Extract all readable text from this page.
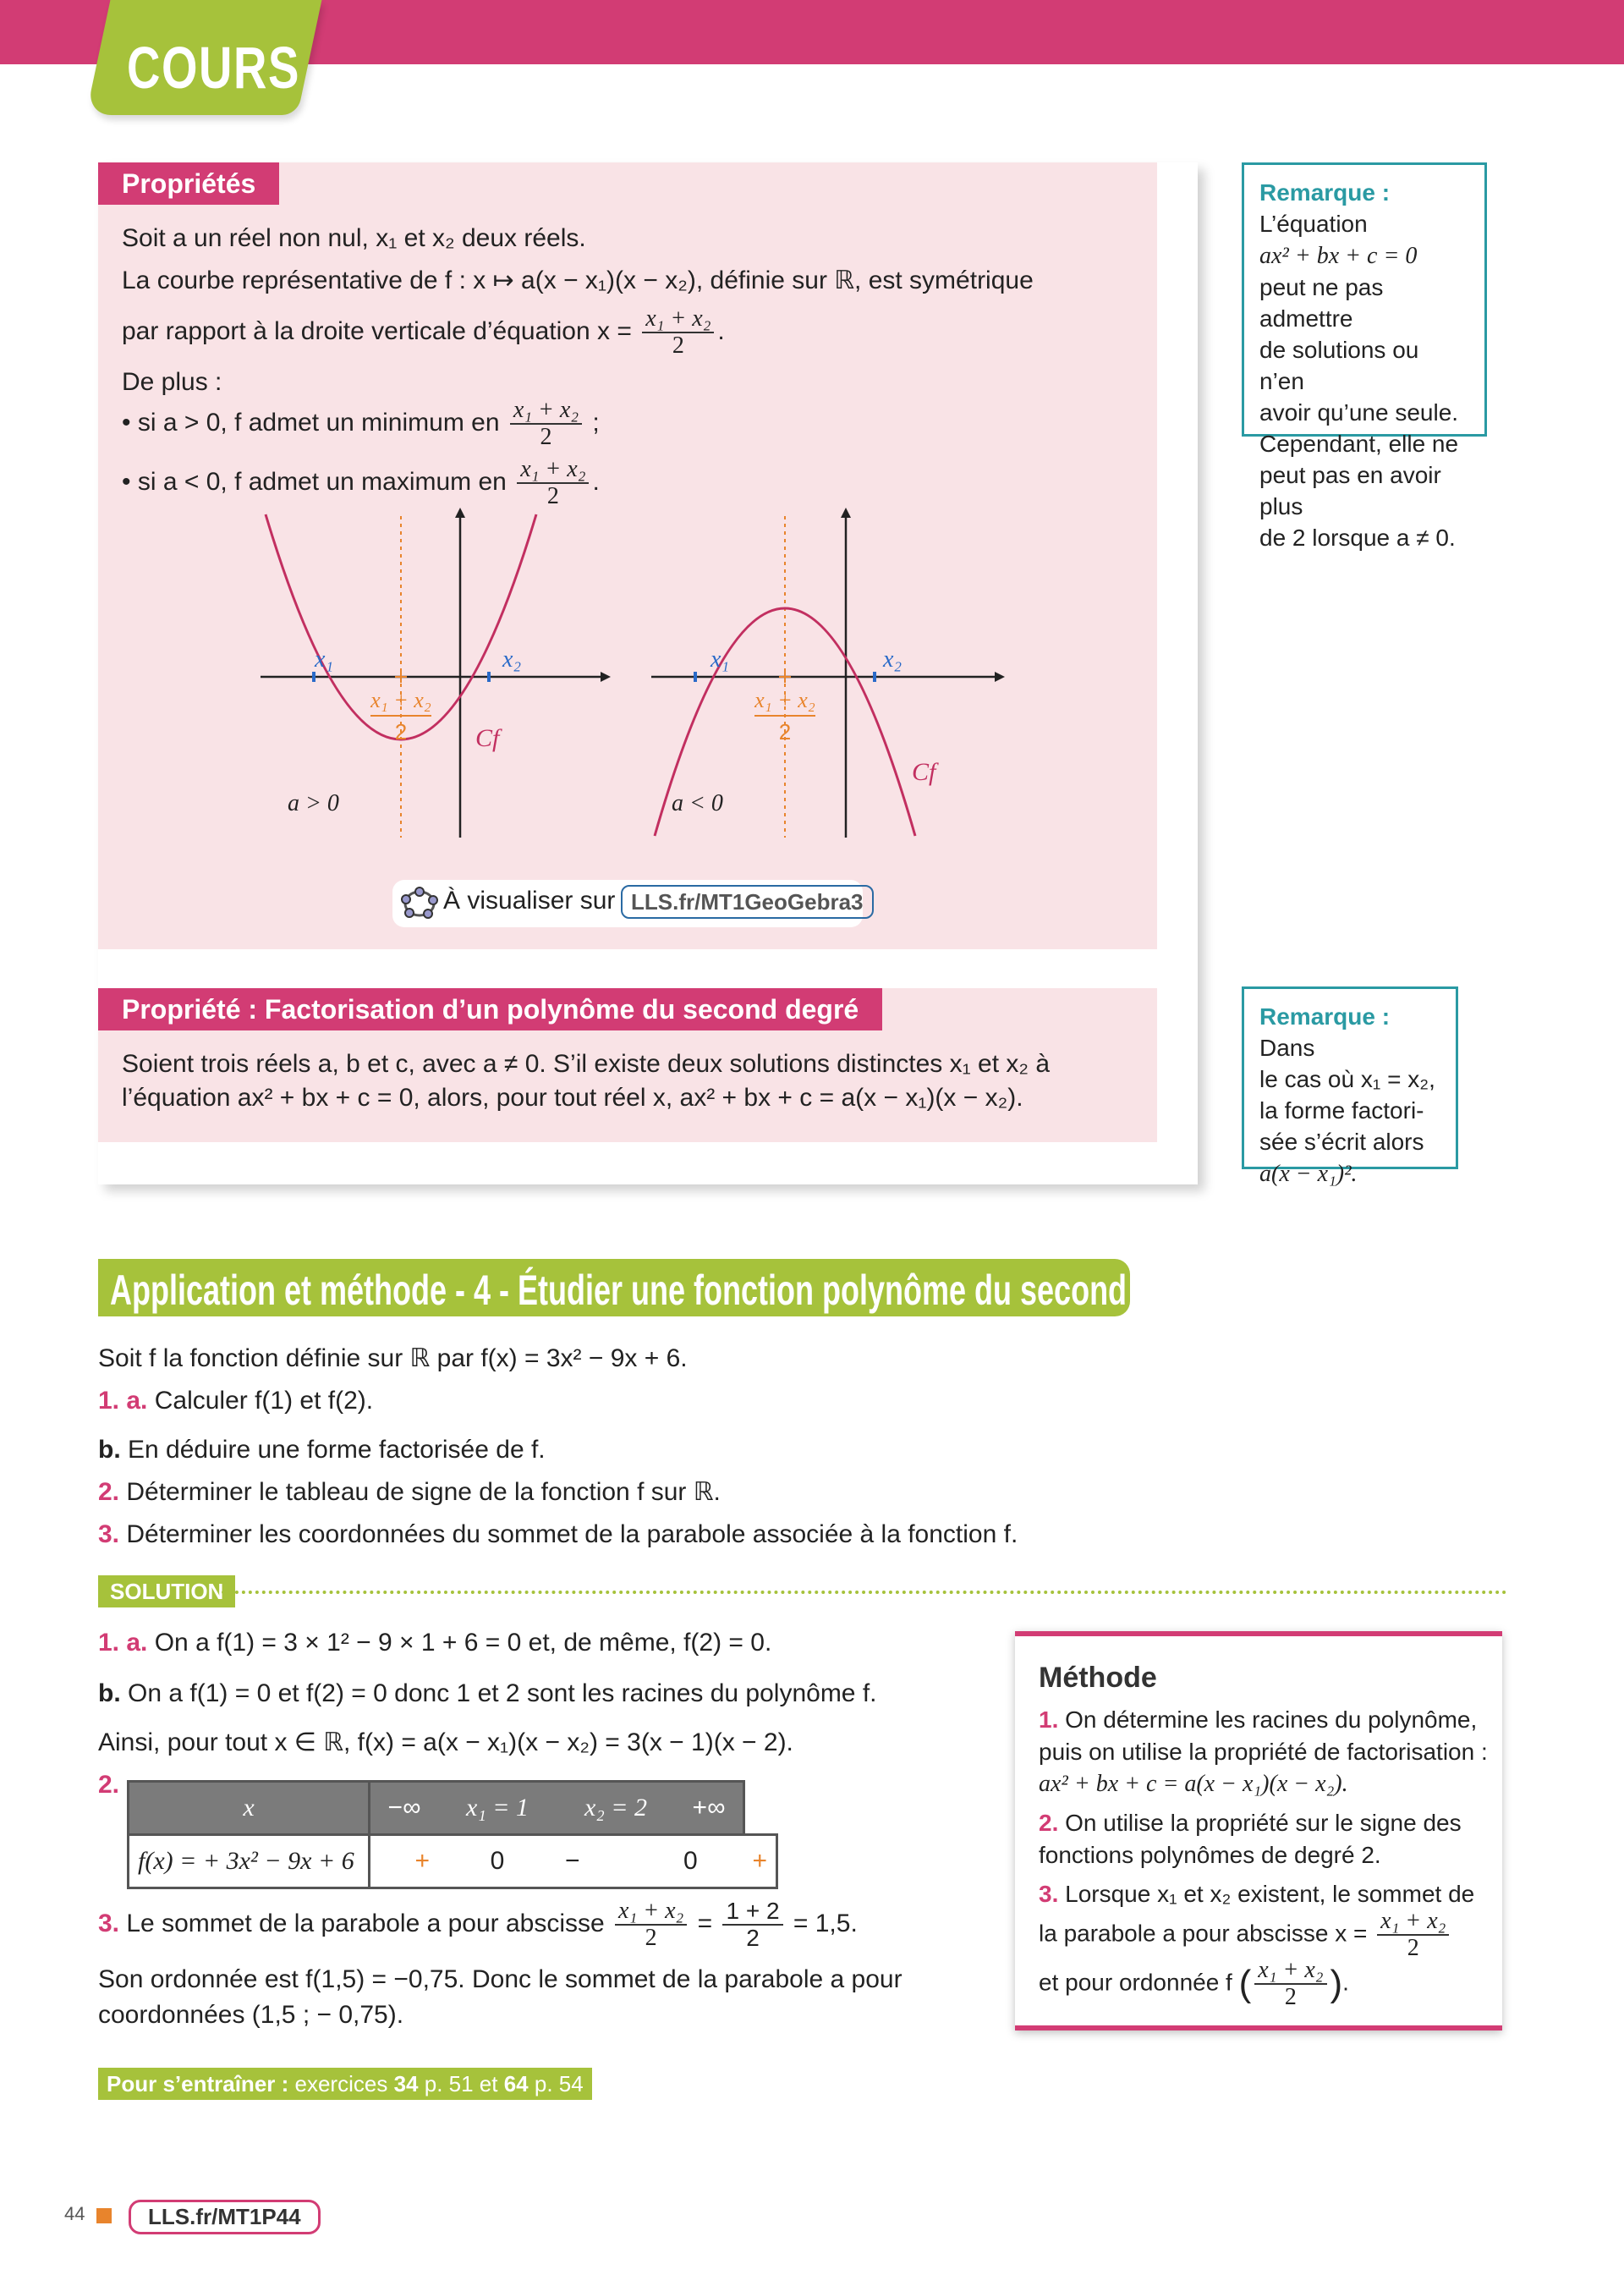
COURS
Propriétés
Soit a un réel non nul, x₁ et x₂ deux réels.
La courbe représentative de f : x ↦ a(x − x₁)(x − x₂), définie sur ℝ, est symétrique
par rapport à la droite verticale d’équation $x = \frac{\text{x₁ + x₂}}{2}$ .
De plus :
• si a > 0, f admet un minimum en $\frac{\text{x₁ + x₂}}{2}$ ;
• si a < 0, f admet un maximum en $\frac{\text{x₁ + x₂}}{2}$ .
x₁	x₂
x₁ + x₂
2	Cf
a > 0
x₁	x₂
x₁ + x₂
2
Cf
a < 0
À visualiser sur LLS.fr/MT1GeoGebra3
Remarque : L’équation
ax² + bx + c = 0
peut ne pas admettre
de solutions ou n’en
avoir qu’une seule.
Cependant, elle ne
peut pas en avoir plus
de 2 lorsque a ≠ 0.
Propriété : Factorisation d’un polynôme du second degré
Soient trois réels a, b et c, avec a ≠ 0. S’il existe deux solutions distinctes x₁ et x₂ à
l’équation ax² + bx + c = 0, alors, pour tout réel x, ax² + bx + c = a(x − x₁)(x − x₂).
Remarque : Dans
le cas où x₁ = x₂,
la forme factori-
sée s’écrit alors
a(x − x₁)².
Application et méthode - 4 - Étudier une fonction polynôme du second degré
Soit f la fonction définie sur ℝ par f(x) = 3x² − 9x + 6.
1. a. Calculer f(1) et f(2).
b. En déduire une forme factorisée de f.
2. Déterminer le tableau de signe de la fonction f sur ℝ.
3. Déterminer les coordonnées du sommet de la parabole associée à la fonction f.
SOLUTION
1. a. On a f(1) = 3 × 1² − 9 × 1 + 6 = 0 et, de même, f(2) = 0.
b. On a f(1) = 0 et f(2) = 0 donc 1 et 2 sont les racines du polynôme f.
Ainsi, pour tout x ∈ ℝ, f(x) = a(x − x₁)(x − x₂) = 3(x − 1)(x − 2).
2.
x	−∞	x₁ = 1	x₂ = 2	+∞	
f(x) = + 3x² − 9x + 6	+	0	−	0	+
3. Le sommet de la parabole a pour abscisse $\frac{\text{x₁ + x₂}}{2} = \frac{1 + 2}{2} = 1,5$.
Son ordonnée est f(1,5) = −0,75. Donc le sommet de la parabole a pour
coordonnées (1,5 ; − 0,75).
Méthode
1. On détermine les racines du polynôme,
puis on utilise la propriété de factorisation :
ax² + bx + c = a(x − x₁)(x − x₂).
2. On utilise la propriété sur le signe des
fonctions polynômes de degré 2.
3. Lorsque x₁ et x₂ existent, le sommet de
la parabole a pour abscisse $x = \frac{\text{x₁ + x₂}}{2}$
et pour ordonnée f ( $\frac{\text{x₁ + x₂}}{2}$ ).
Pour s’entraîner : exercices 34 p. 51 et 64 p. 54
44	LLS.fr/MT1P44
